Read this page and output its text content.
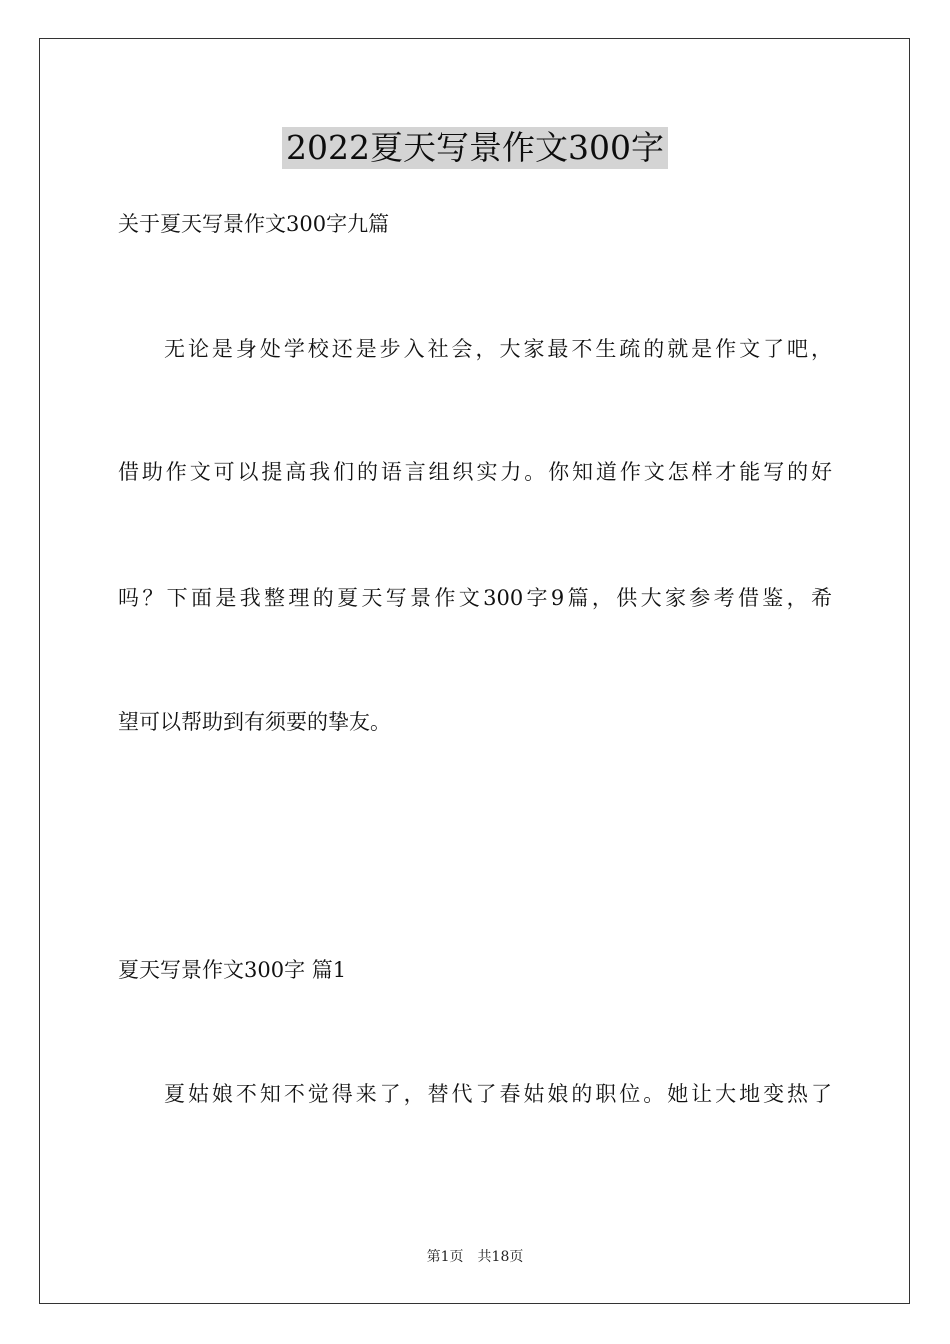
2022夏天写景作文300字
关于夏天写景作文300字九篇
无论是身处学校还是步入社会，大家最不生疏的就是作文了吧，
借助作文可以提高我们的语言组织实力。你知道作文怎样才能写的好
吗？下面是我整理的夏天写景作文300字9篇，供大家参考借鉴，希
望可以帮助到有须要的挚友。
夏天写景作文300字 篇1
夏姑娘不知不觉得来了，替代了春姑娘的职位。她让大地变热了
第1页 共18页
